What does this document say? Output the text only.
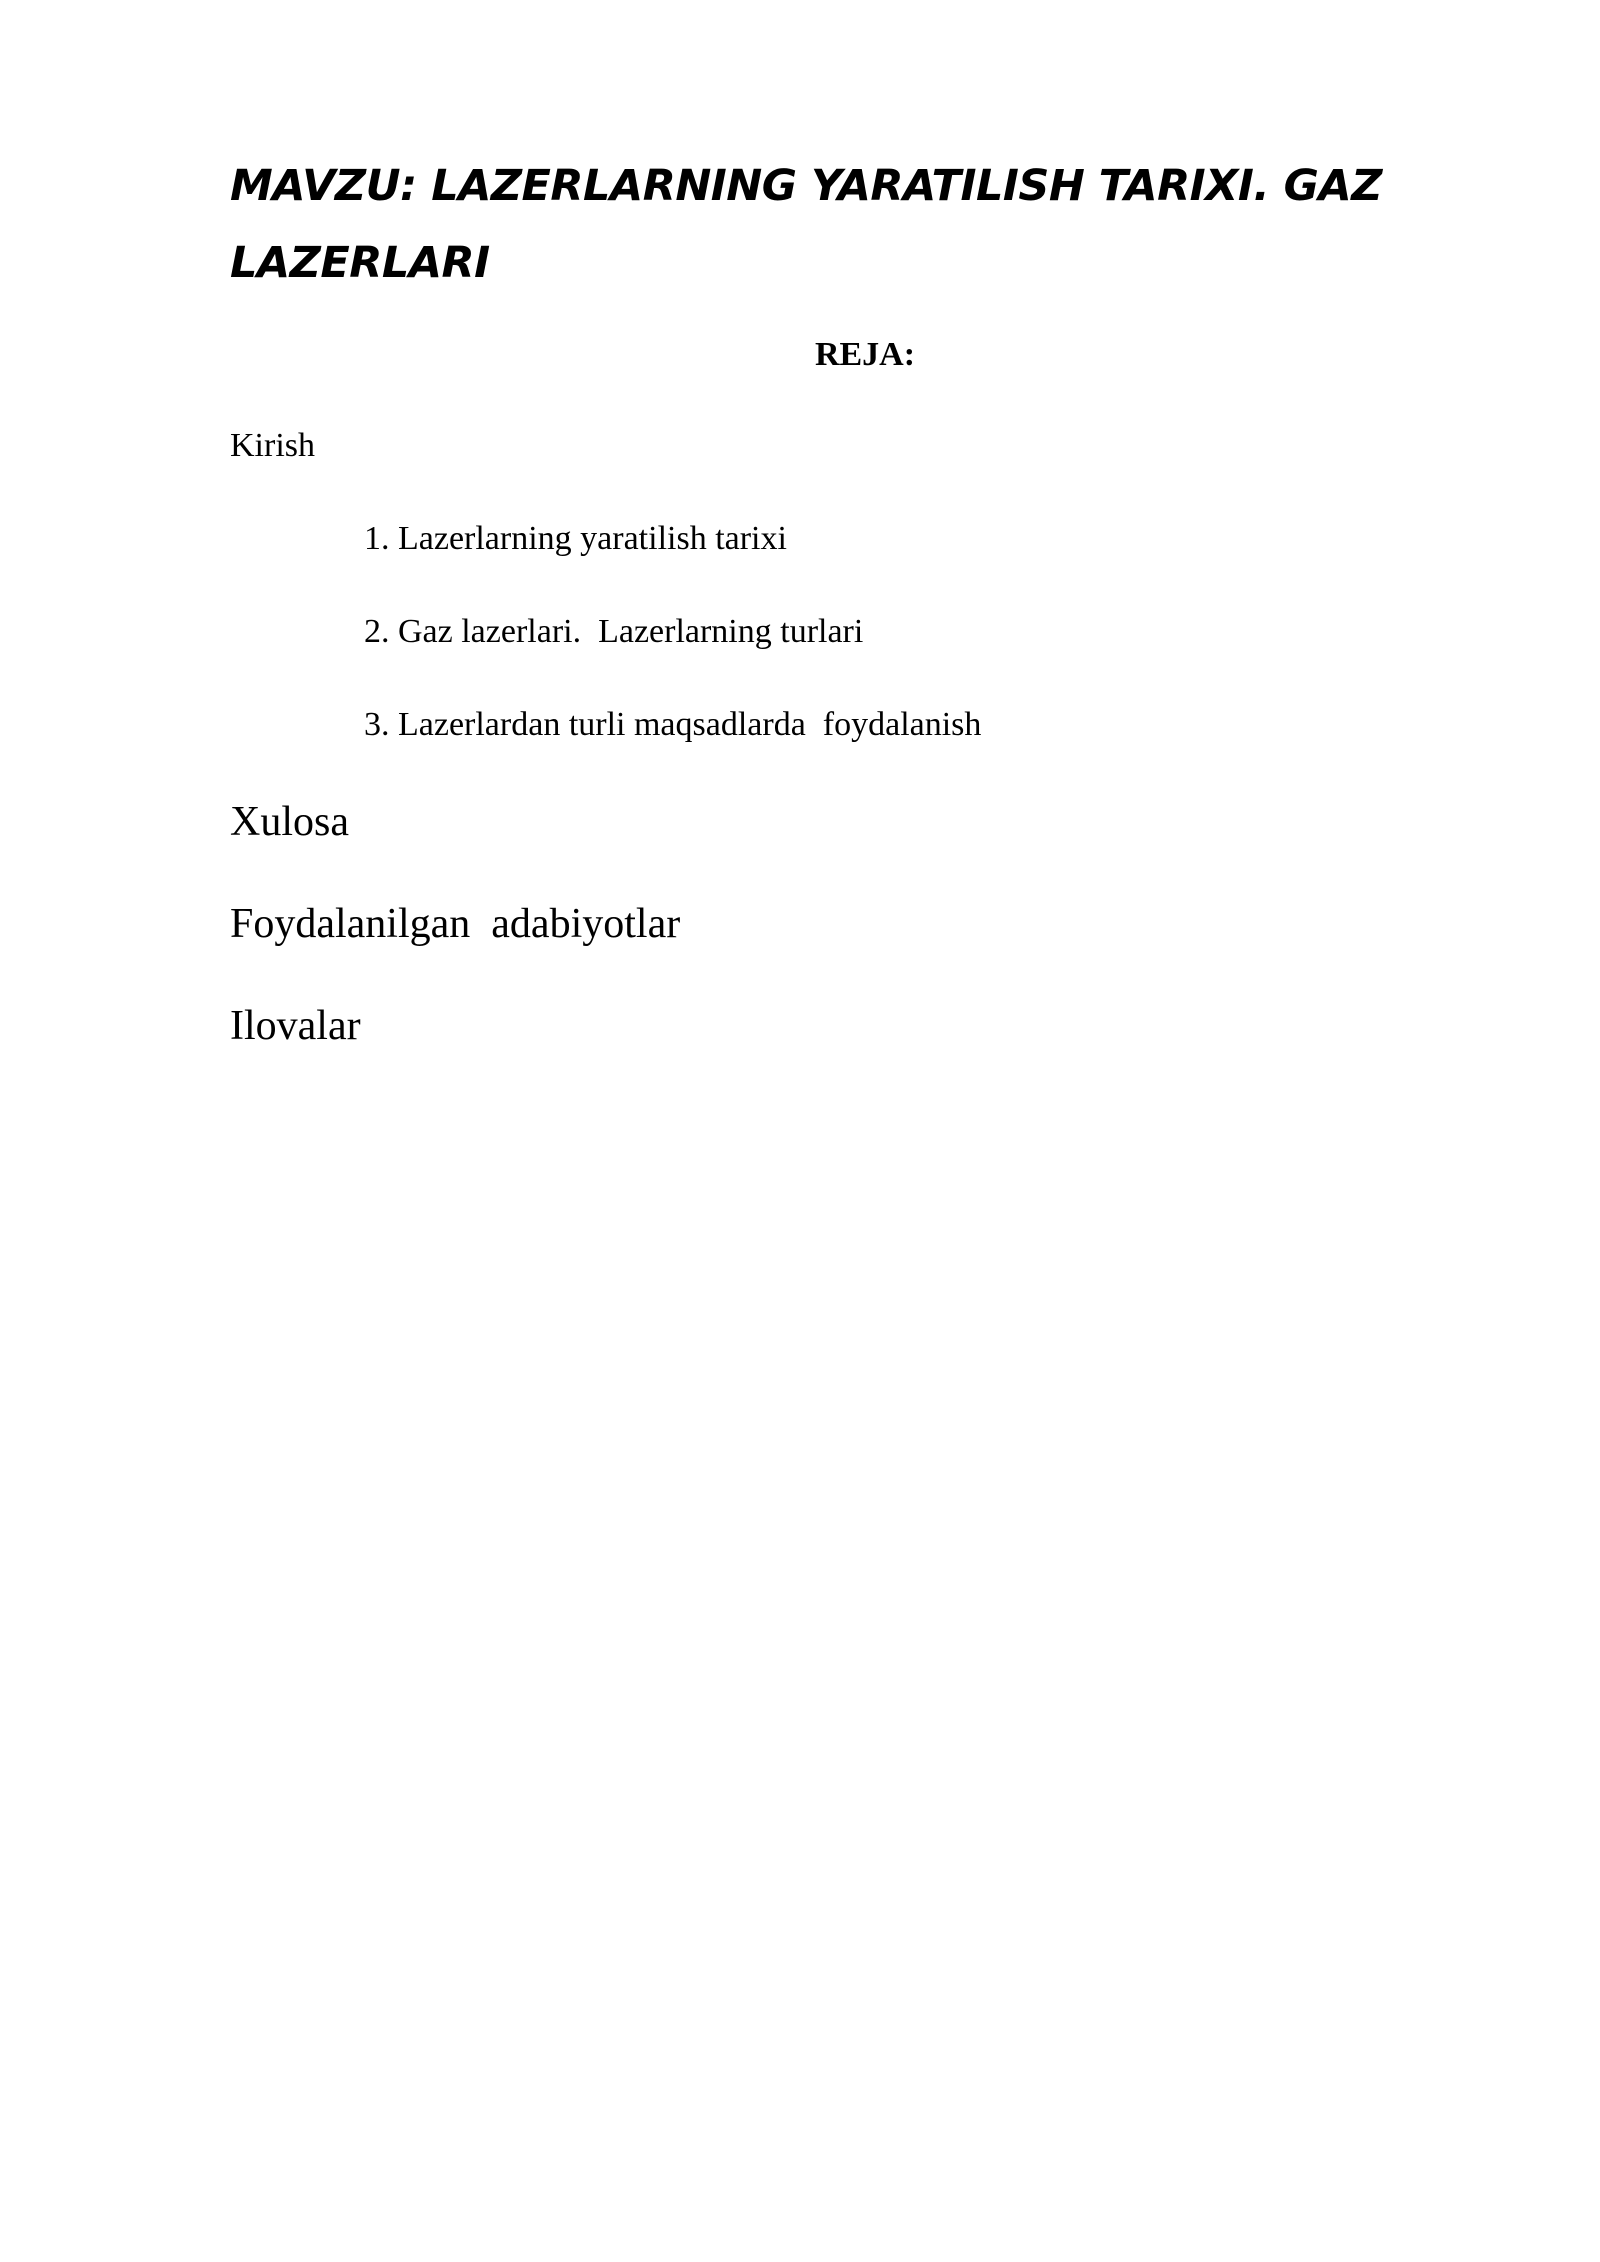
MAVZU: LAZERLARNING YARATILISH TARIXI. GAZ LAZERLARI
REJA:

Kirish

1. Lazerlarning yaratilish tarixi

2. Gaz lazerlari.  Lazerlarning turlari

3. Lazerlardan turli maqsadlarda  foydalanish

Xulosa

Foydalanilgan  adabiyotlar

Ilovalar
